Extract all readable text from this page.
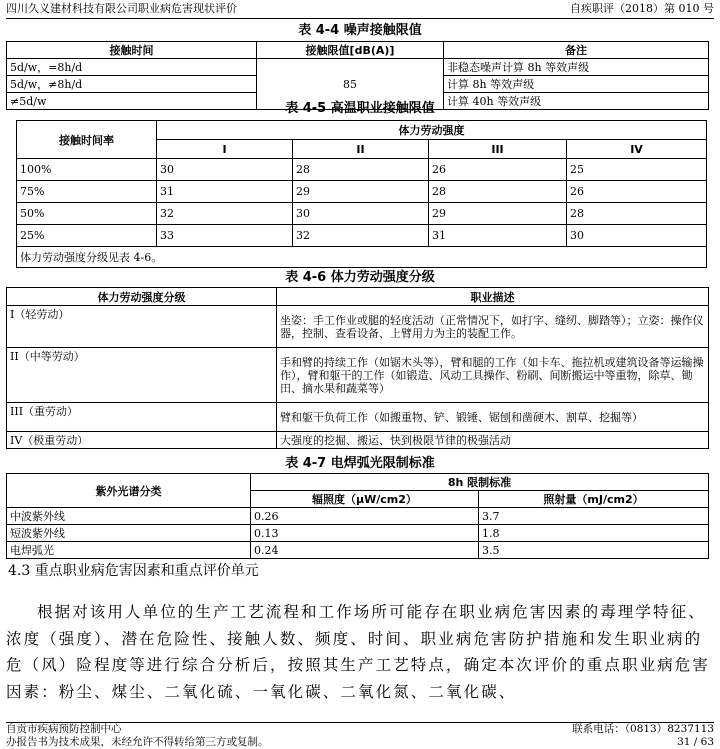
四川久义建材科技有限公司职业病危害现状评价	自疾职评（2018）第 010 号
表 4-4 噪声接触限值
接触时间	接触限值[dB(A)]	备注
5d/w，=8h/d	85	非稳态噪声计算 8h 等效声级
5d/w，≠8h/d		计算 8h 等效声级
≠5d/w		计算 40h 等效声级
表 4-5 高温职业接触限值
接触时间率	体力劳动强度			
	I	II	III	IV
100%	30	28	26	25
75%	31	29	28	26
50%	32	30	29	28
25%	33	32	31	30
体力劳动强度分级见表 4-6。				
表 4-6 体力劳动强度分级
体力劳动强度分级	职业描述
I（轻劳动）	坐姿：手工作业或腿的轻度活动（正常情况下，如打字、缝纫、脚踏等）；立姿：操作仪器，控制、查看设备、上臂用力为主的装配工作。
II（中等劳动）	手和臂的持续工作（如锯木头等），臂和腿的工作（如卡车、拖拉机或建筑设备等运输操作），臂和躯干的工作（如锻造、风动工具操作、粉刷、间断搬运中等重物，除草、锄田、摘水果和蔬菜等）
III（重劳动）	臂和躯干负荷工作（如搬重物、铲、锻锤、锯刨和凿硬木、割草、挖掘等）
IV（极重劳动）	大强度的挖掘、搬运、快到极限节律的极强活动
表 4-7 电焊弧光限制标准
紫外光谱分类	8h 限制标准	
	辐照度（μW/cm2）	照射量（mJ/cm2）
中波紫外线	0.26	3.7
短波紫外线	0.13	1.8
电焊弧光	0.24	3.5
4.3 重点职业病危害因素和重点评价单元

根据对该用人单位的生产工艺流程和工作场所可能存在职业病危害因素的毒理学特征、浓度（强度）、潜在危险性、接触人数、频度、时间、职业病危害防护措施和发生职业病的危（风）险程度等进行综合分析后，按照其生产工艺特点，确定本次评价的重点职业病危害因素：粉尘、煤尘、二氧化硫、一氧化碳、二氧化氮、二氧化碳、

自贡市疾病预防控制中心	联系电话：（0813）8237113
办报告书为技术成果，未经允许不得转给第三方或复制。	31 / 63
